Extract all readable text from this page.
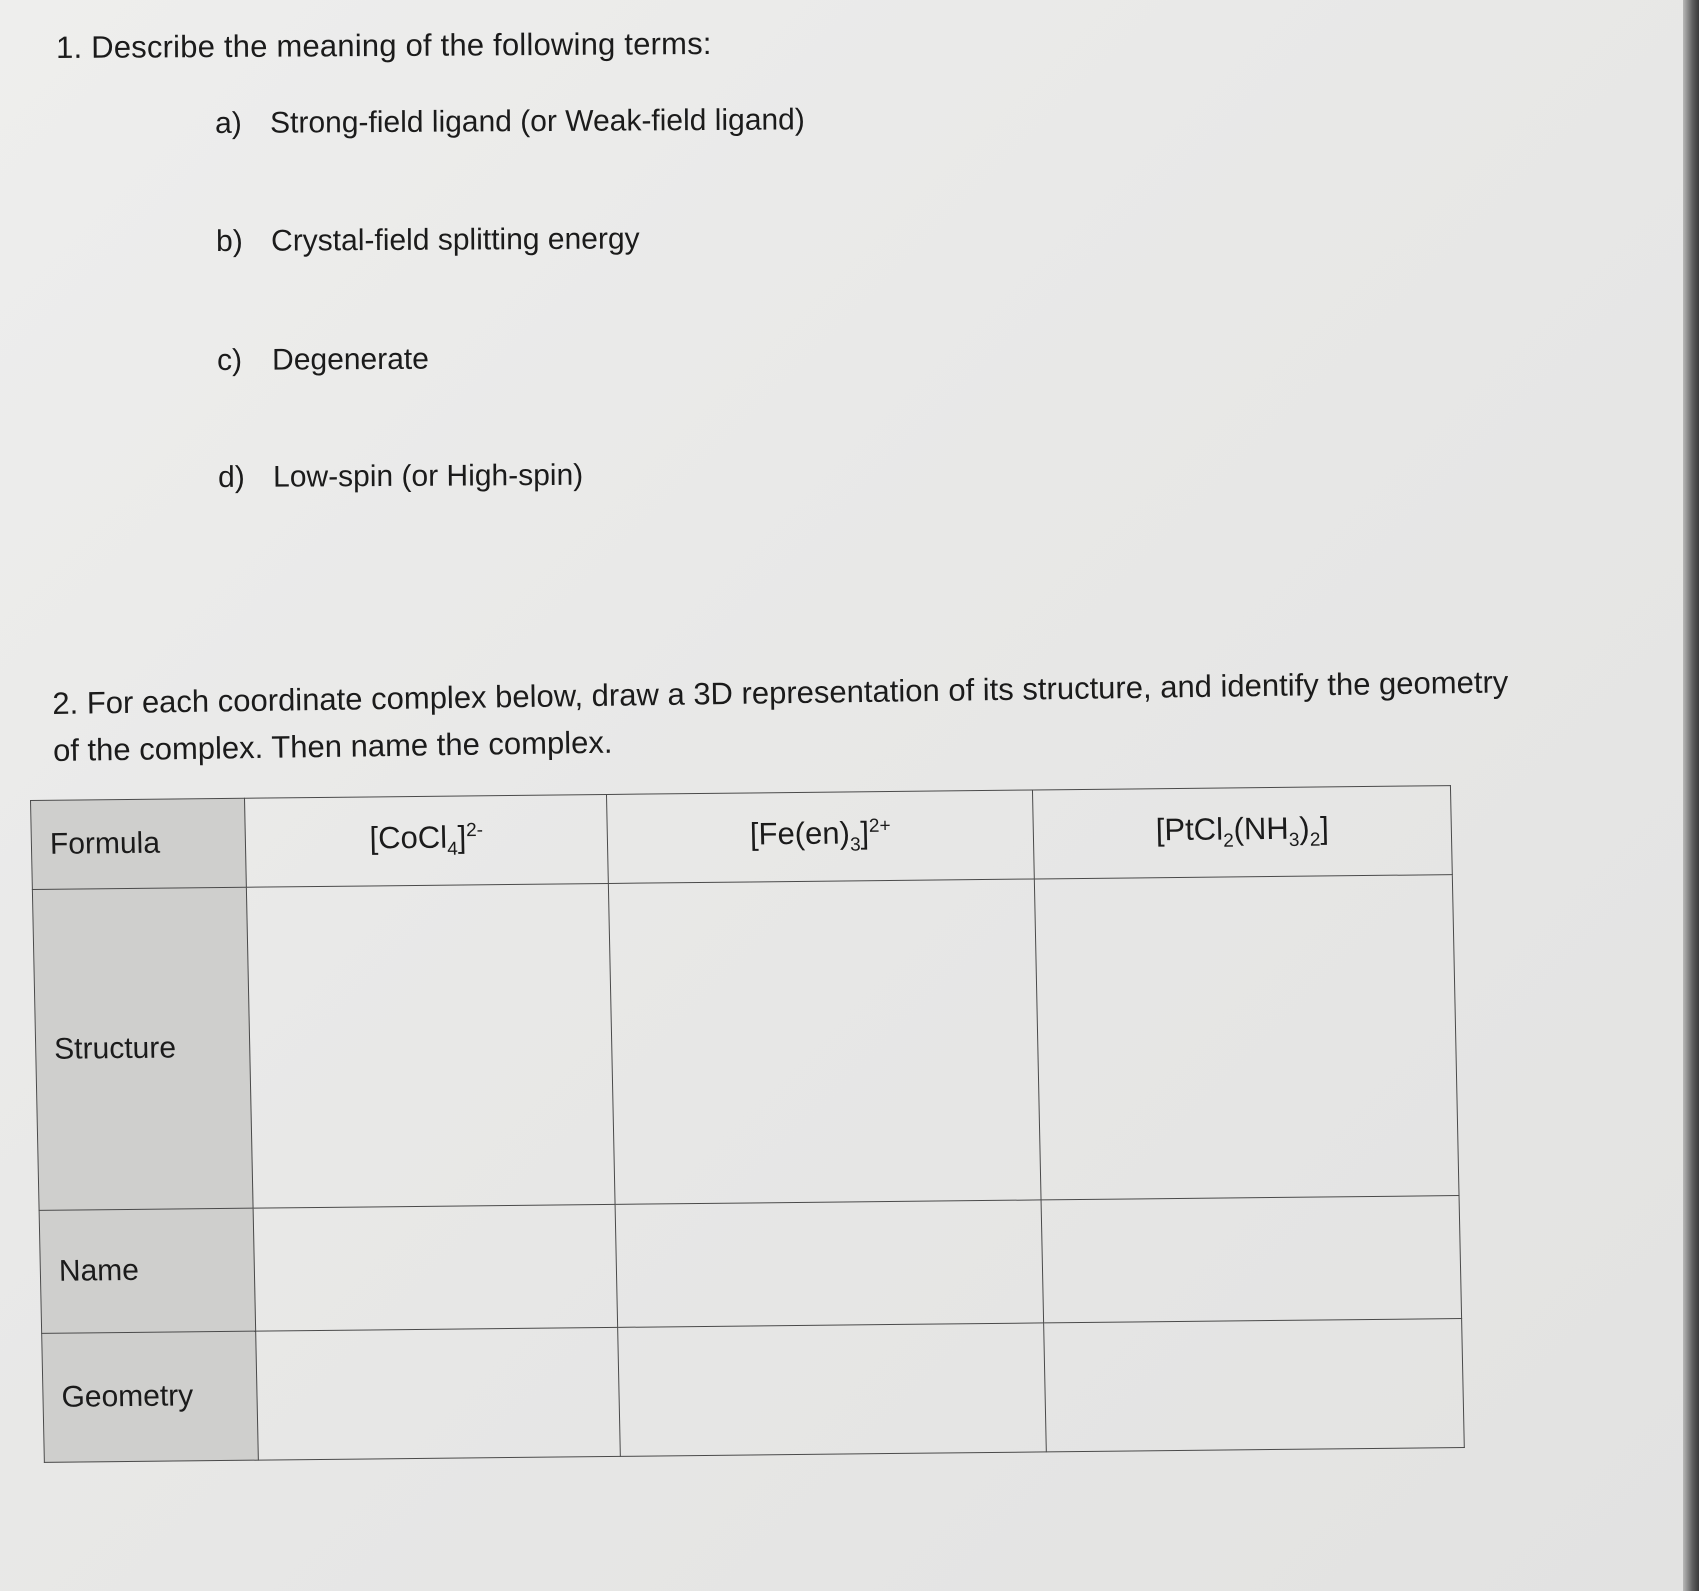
1. Describe the meaning of the following terms:
a) Strong-field ligand (or Weak-field ligand)
b) Crystal-field splitting energy
c) Degenerate
d) Low-spin (or High-spin)
2. For each coordinate complex below, draw a 3D representation of its structure, and identify the geometry
of the complex. Then name the complex.
Formula	[CoCl$_4$]$^{2-}$	$[Fe(en)_3]^{2+}$	$[PtCl_2(NH_3)_2]$
Structure			
Name			
Geometry			
